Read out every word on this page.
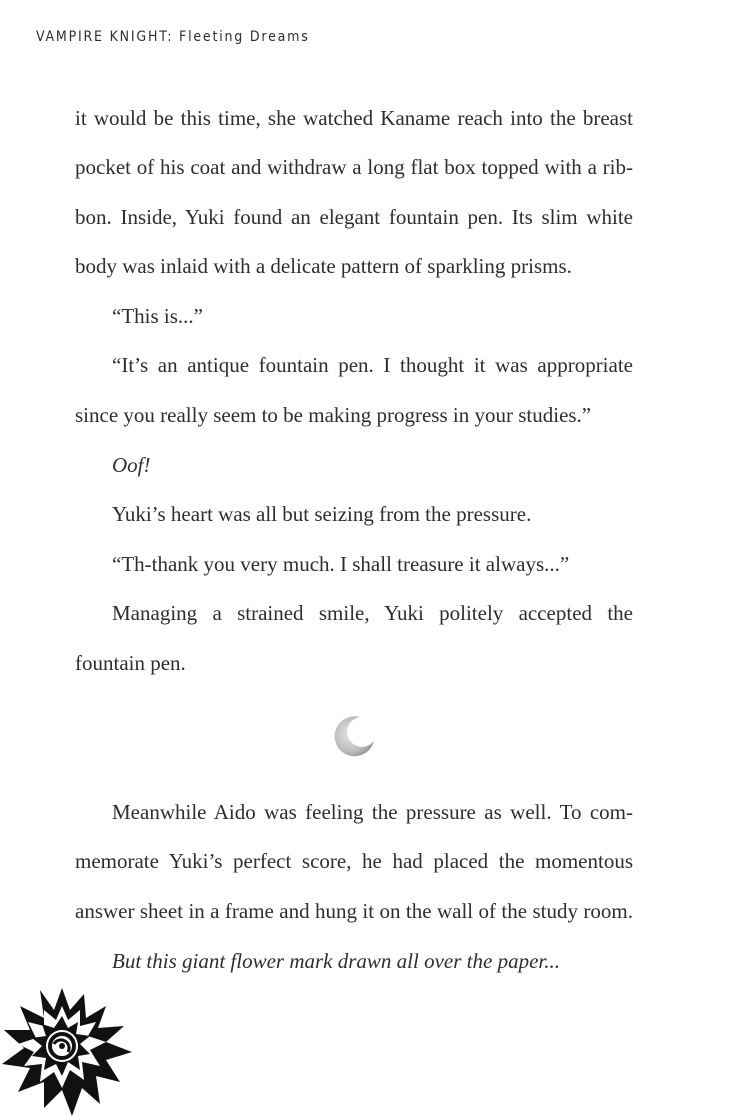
VAMPIRE KNIGHT: Fleeting Dreams
it would be this time, she watched Kaname reach into the breast
pocket of his coat and withdraw a long flat box topped with a rib-
bon. Inside, Yuki found an elegant fountain pen. Its slim white
body was inlaid with a delicate pattern of sparkling prisms.
“This is...”
“It’s an antique fountain pen. I thought it was appropriate
since you really seem to be making progress in your studies.”
Oof!
Yuki’s heart was all but seizing from the pressure.
“Th-thank you very much. I shall treasure it always...”
Managing a strained smile, Yuki politely accepted the
fountain pen.
Meanwhile Aido was feeling the pressure as well. To com-
memorate Yuki’s perfect score, he had placed the momentous
answer sheet in a frame and hung it on the wall of the study room.
But this giant flower mark drawn all over the paper...
